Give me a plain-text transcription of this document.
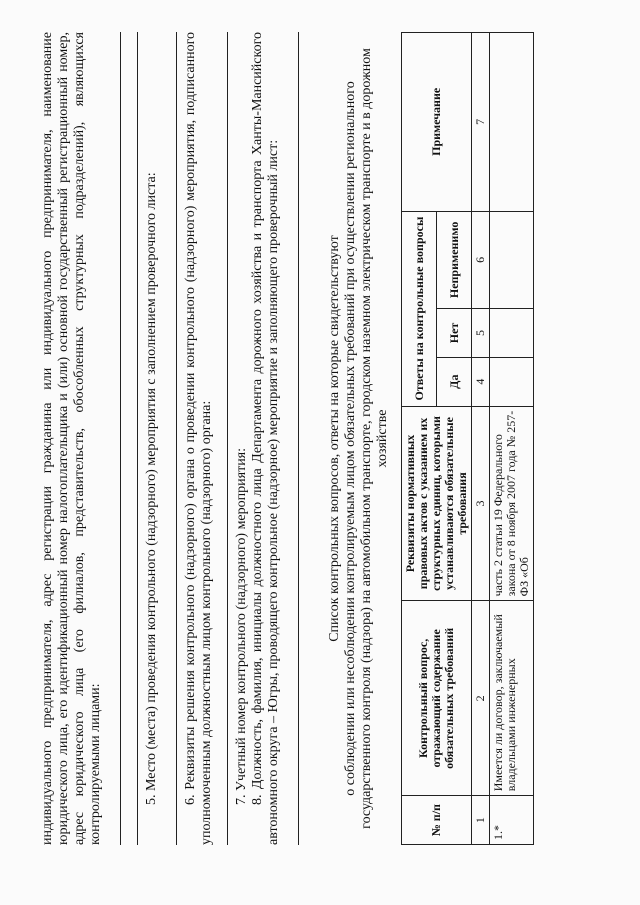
индивидуального предпринимателя, адрес регистрации гражданина или индивидуального предпринимателя, наименование юридического лица, его идентификационный номер налогоплательщика и (или) основной государственный регистрационный номер, адрес юридического лица (его филиалов, представительств, обособленных структурных подразделений), являющихся контролируемыми лицами:	5. Место (места) проведения контрольного (надзорного) мероприятия с заполнением проверочного листа: 6. Реквизиты решения контрольного (надзорного) органа о проведении контрольного (надзорного) мероприятия, подписанного уполномоченным должностным лицом контрольного (надзорного) органа: 7. Учетный номер контрольного (надзорного) мероприятия: 8. Должность, фамилия, инициалы должностного лица Департамента дорожного хозяйства и транспорта Ханты-Мансийского автономного округа – Югры, проводящего контрольное (надзорное) мероприятие и заполняющего проверочный лист:	Список контрольных вопросов, ответы на которые свидетельствуют о соблюдении или несоблюдении контролируемым лицом обязательных требований при осуществлении регионального государственного контроля (надзора) на автомобильном транспорте, городском наземном электрическом транспорте и в дорожном хозяйстве

№ п/п	Контрольный вопрос, отражающий содержание обязательных требований	Реквизиты нормативных правовых актов с указанием их структурных единиц, которыми устанавливаются обязательные требования	Ответы на контрольные вопросы			Примечание
			Да	Нет	Неприменимо	
1	2	3	4	5	6	7
1.*	Имеется ли договор, заключаемый владельцами инженерных	часть 2 статьи 19 Федерального закона от 8 ноября 2007 года № 257-ФЗ «Об				
